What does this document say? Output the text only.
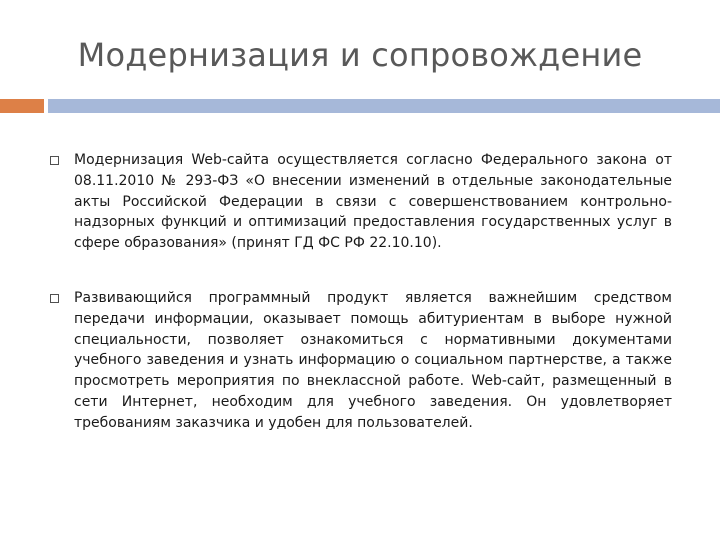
Модернизация и сопровождение
Модернизация Web-сайта осуществляется согласно Федерального закона от 08.11.2010 № 293-ФЗ «О внесении изменений в отдельные законодательные акты Российской Федерации в связи с совершенствованием контрольно-надзорных функций и оптимизаций предоставления государственных услуг в сфере образования» (принят ГД ФС РФ 22.10.10).
Развивающийся программный продукт является важнейшим средством передачи информации, оказывает помощь абитуриентам в выборе нужной специальности, позволяет ознакомиться с нормативными документами учебного заведения и узнать информацию о социальном партнерстве, а также просмотреть мероприятия по внеклассной работе. Web-сайт, размещенный в сети Интернет, необходим для учебного заведения. Он удовлетворяет требованиям заказчика и удобен для пользователей.
